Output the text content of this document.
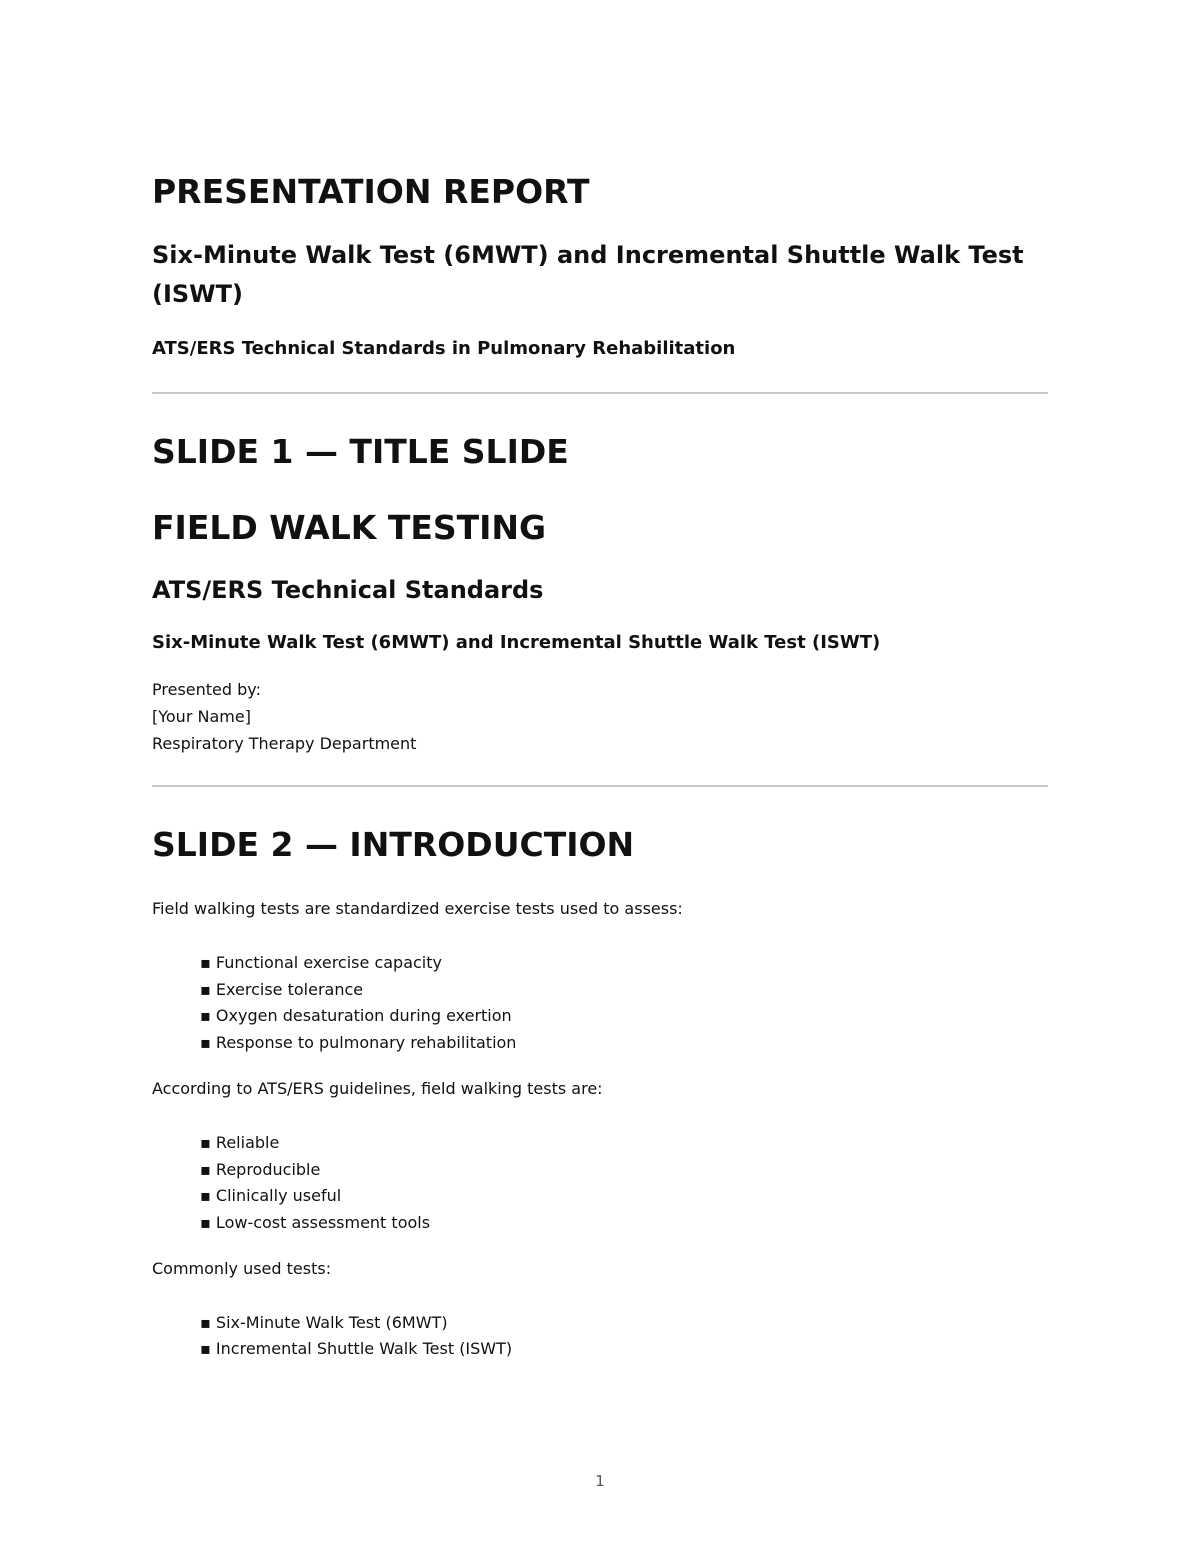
PRESENTATION REPORT
Six-Minute Walk Test (6MWT) and Incremental Shuttle Walk Test (ISWT)
ATS/ERS Technical Standards in Pulmonary Rehabilitation
SLIDE 1 — TITLE SLIDE
FIELD WALK TESTING
ATS/ERS Technical Standards
Six-Minute Walk Test (6MWT) and Incremental Shuttle Walk Test (ISWT)
Presented by:
[Your Name]
Respiratory Therapy Department
SLIDE 2 — INTRODUCTION

Field walking tests are standardized exercise tests used to assess:

▪ Functional exercise capacity
▪ Exercise tolerance
▪ Oxygen desaturation during exertion
▪ Response to pulmonary rehabilitation

According to ATS/ERS guidelines, field walking tests are:

▪ Reliable
▪ Reproducible
▪ Clinically useful
▪ Low-cost assessment tools

Commonly used tests:

▪ Six-Minute Walk Test (6MWT)
▪ Incremental Shuttle Walk Test (ISWT)
1
